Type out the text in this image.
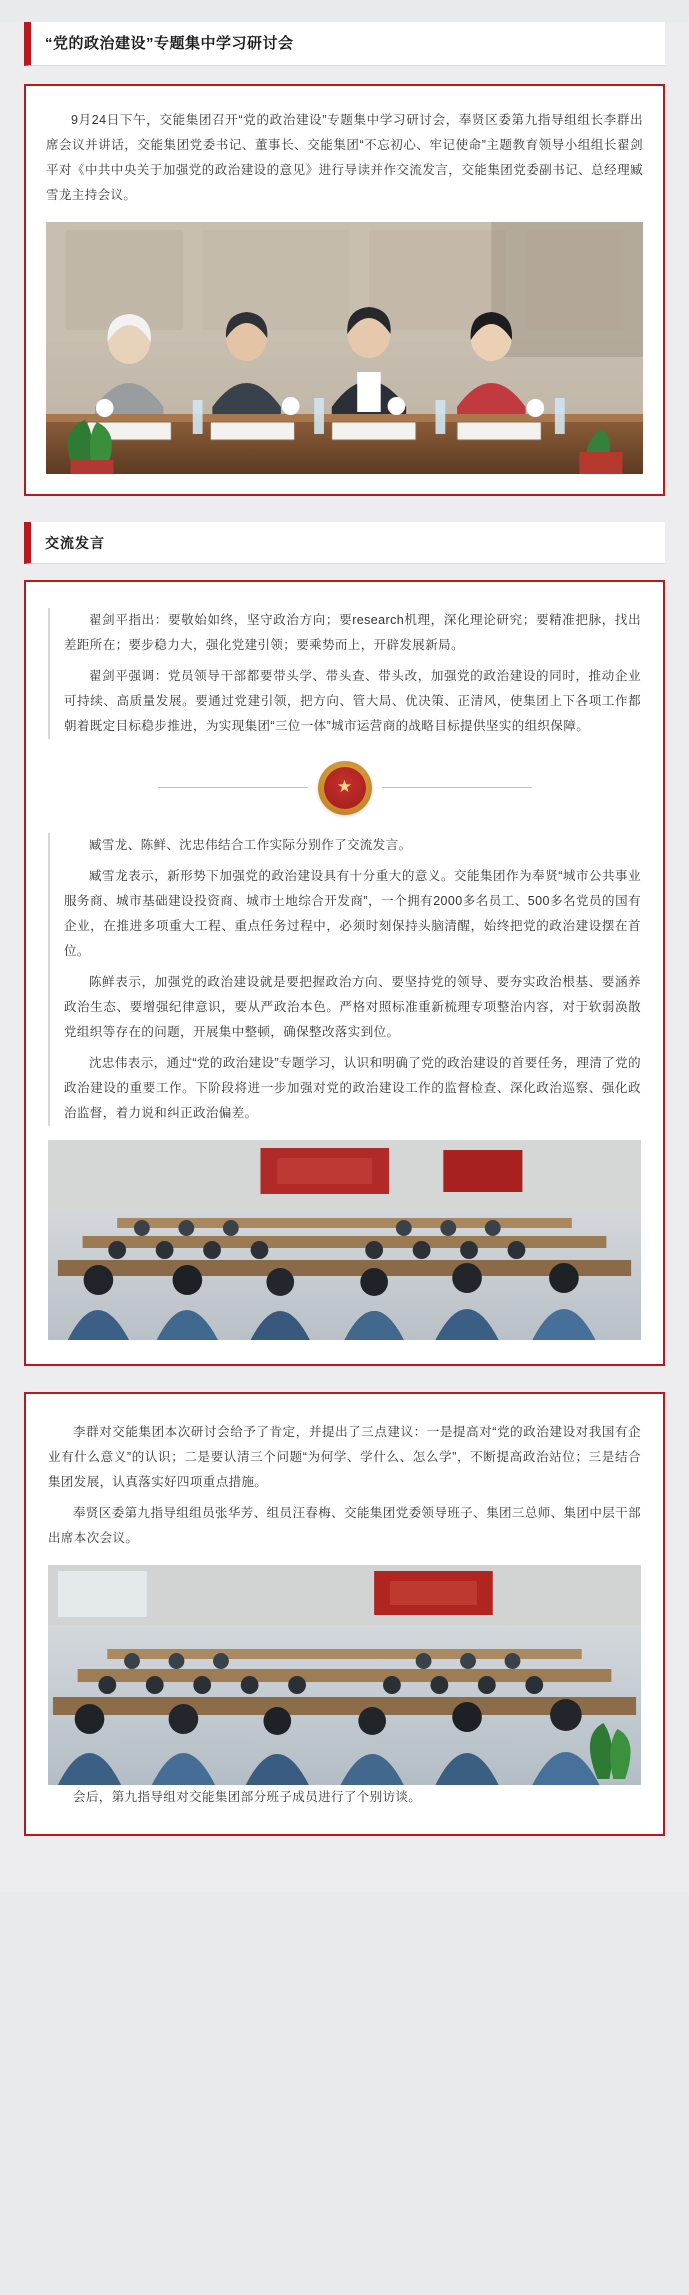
“党的政治建设”专题集中学习研讨会

9月24日下午，交能集团召开“党的政治建设”专题集中学习研讨会，奉贤区委第九指导组组长李群出席会议并讲话，交能集团党委书记、董事长、交能集团“不忘初心、牢记使命”主题教育领导小组组长翟剑平对《中共中央关于加强党的政治建设的意见》进行导读并作交流发言，交能集团党委副书记、总经理臧雪龙主持会议。

交流发言

翟剑平指出：要敬始如终，坚守政治方向；要research机理，深化理论研究；要精准把脉，找出差距所在；要步稳力大，强化党建引领；要乘势而上，开辟发展新局。

翟剑平强调：党员领导干部都要带头学、带头查、带头改，加强党的政治建设的同时，推动企业可持续、高质量发展。要通过党建引领，把方向、管大局、优决策、正清风，使集团上下各项工作都朝着既定目标稳步推进，为实现集团“三位一体”城市运营商的战略目标提供坚实的组织保障。

★

臧雪龙、陈鲜、沈忠伟结合工作实际分别作了交流发言。

臧雪龙表示，新形势下加强党的政治建设具有十分重大的意义。交能集团作为奉贤“城市公共事业服务商、城市基础建设投资商、城市土地综合开发商”，一个拥有2000多名员工、500多名党员的国有企业，在推进多项重大工程、重点任务过程中，必须时刻保持头脑清醒，始终把党的政治建设摆在首位。

陈鲜表示，加强党的政治建设就是要把握政治方向、要坚持党的领导、要夯实政治根基、要涵养政治生态、要增强纪律意识，要从严政治本色。严格对照标准重新梳理专项整治内容，对于软弱涣散党组织等存在的问题，开展集中整顿，确保整改落实到位。

沈忠伟表示，通过“党的政治建设”专题学习，认识和明确了党的政治建设的首要任务，理清了党的政治建设的重要工作。下阶段将进一步加强对党的政治建设工作的监督检查、深化政治巡察、强化政治监督，着力说和纠正政治偏差。

李群对交能集团本次研讨会给予了肯定，并提出了三点建议：一是提高对“党的政治建设对我国有企业有什么意义”的认识；二是要认清三个问题“为何学、学什么、怎么学”，不断提高政治站位；三是结合集团发展，认真落实好四项重点措施。

奉贤区委第九指导组组员张华芳、组员汪春梅、交能集团党委领导班子、集团三总师、集团中层干部出席本次会议。

会后，第九指导组对交能集团部分班子成员进行了个别访谈。
